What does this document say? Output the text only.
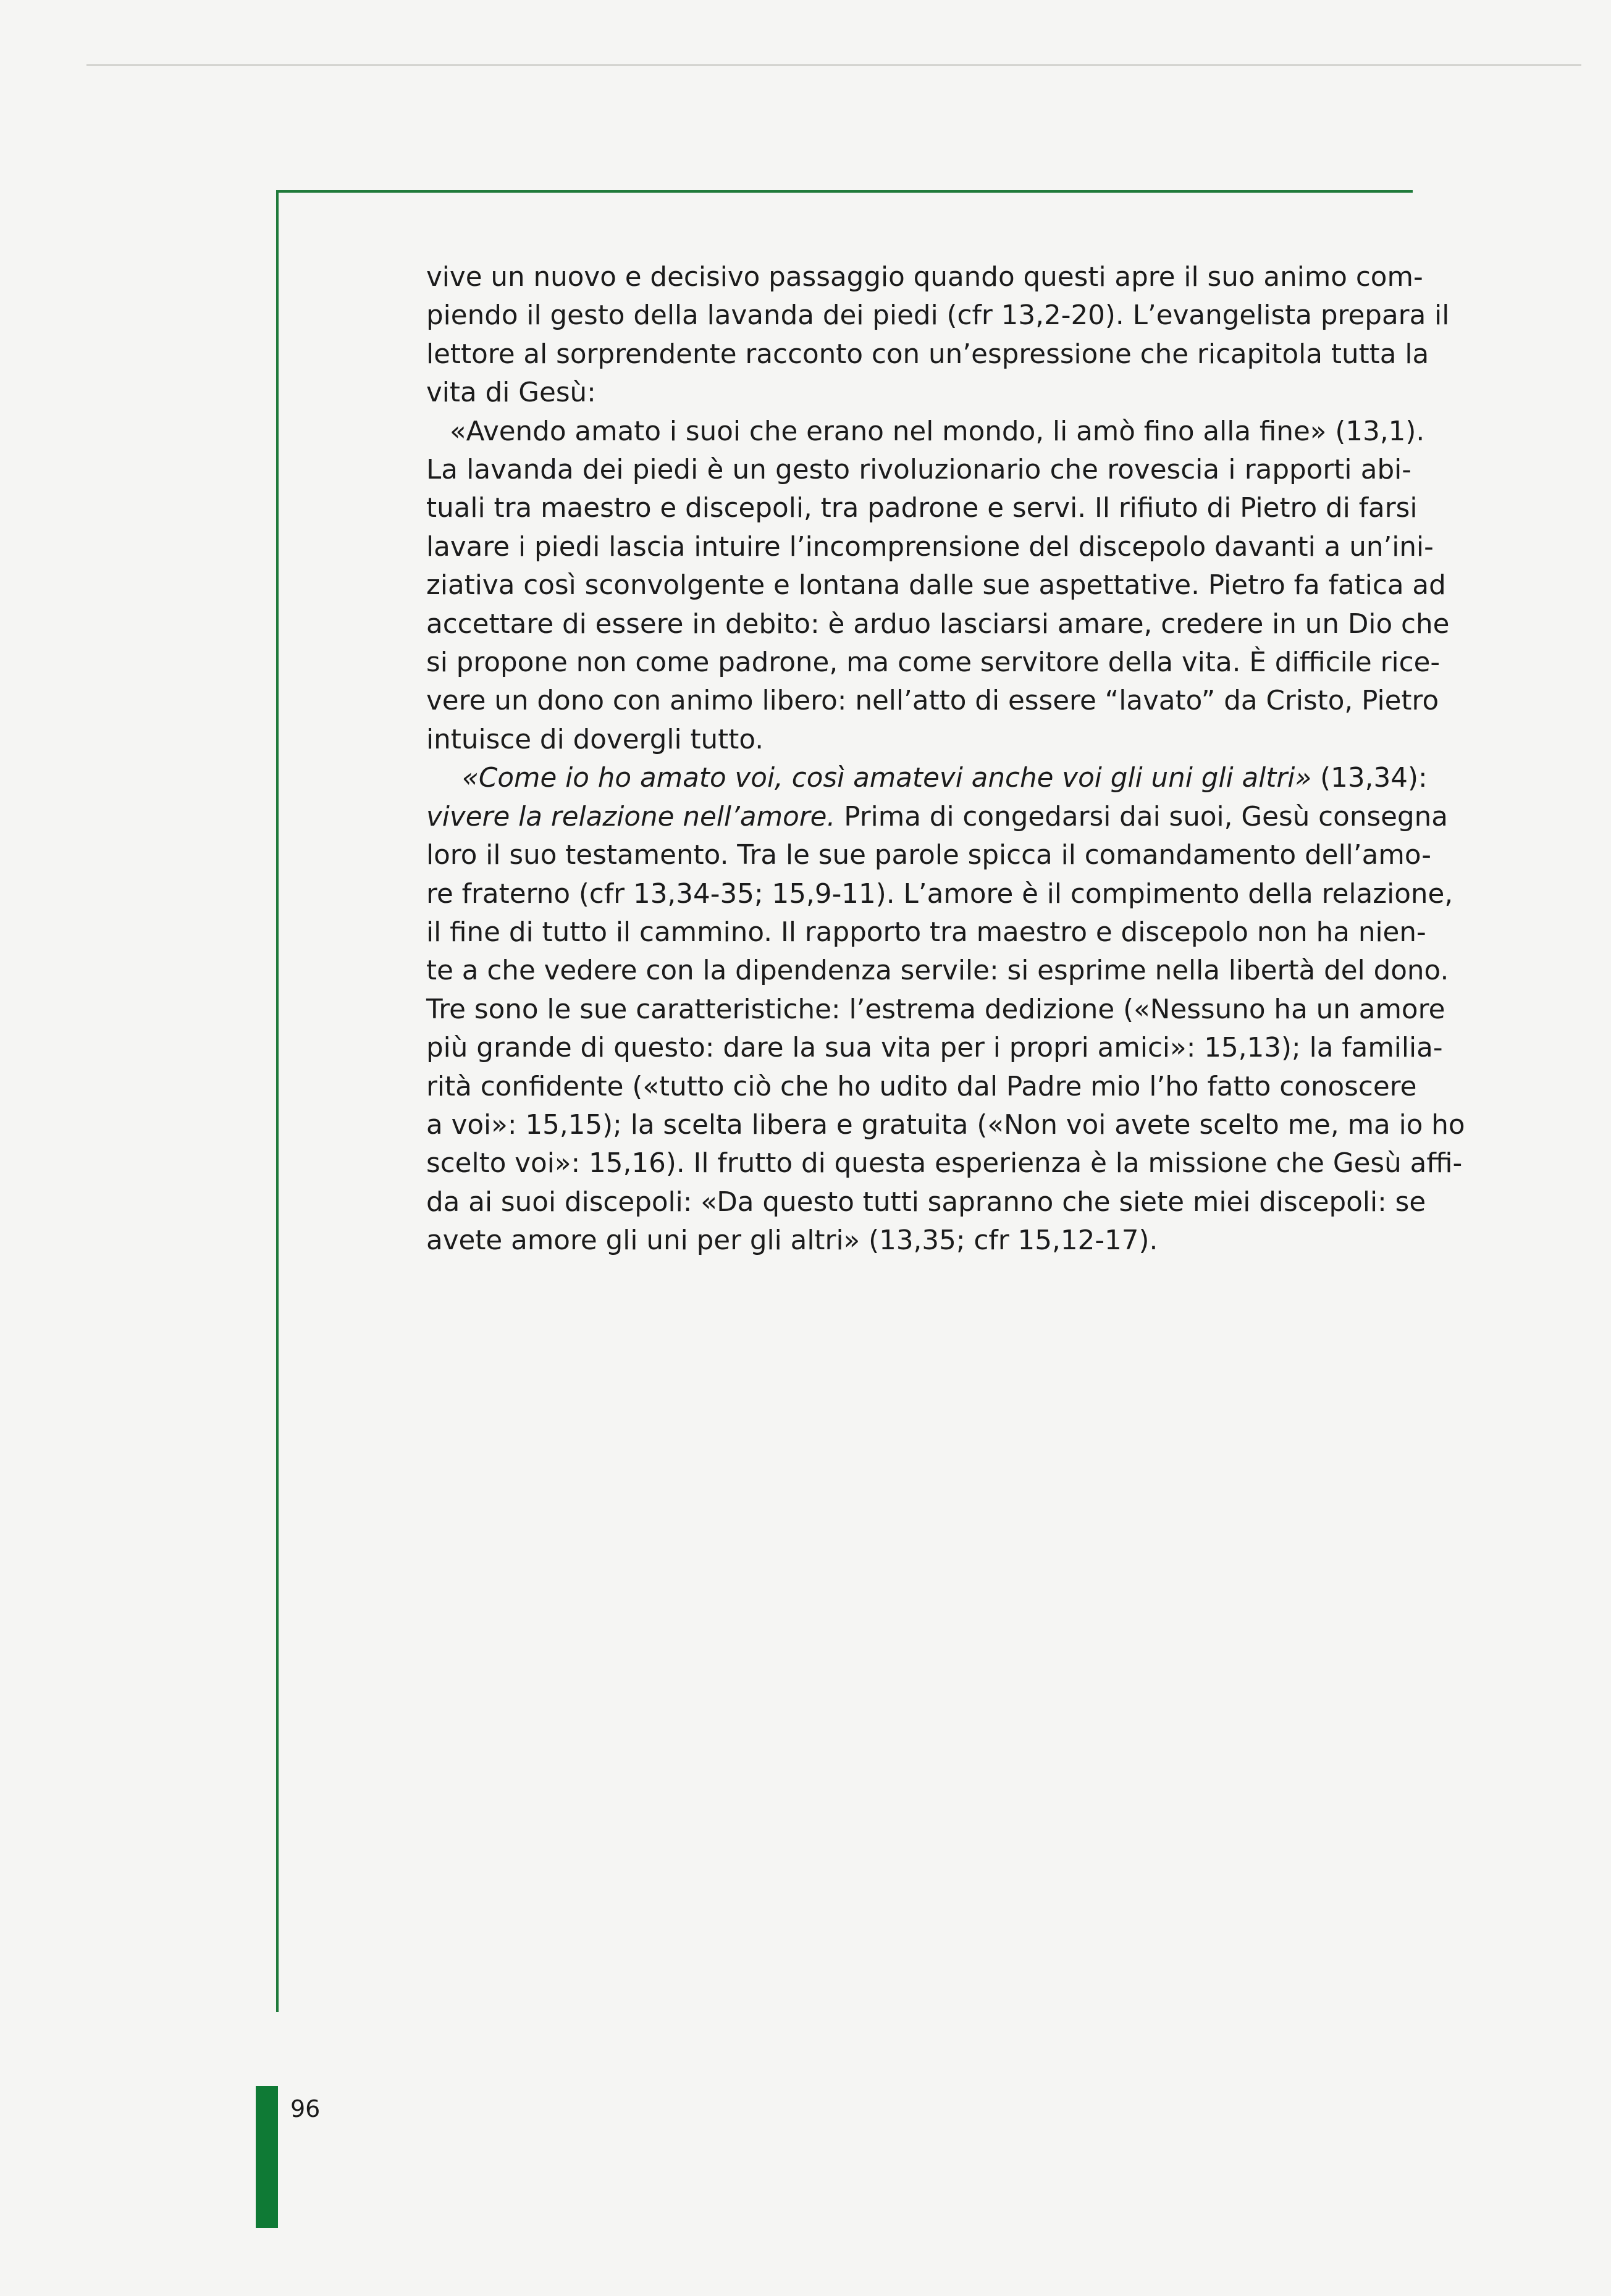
96
vive un nuovo e decisivo passaggio quando questi apre il suo animo com-
piendo il gesto della lavanda dei piedi (cfr 13,2-20). L’evangelista prepara il
lettore al sorprendente racconto con un’espressione che ricapitola tutta la
vita di Gesù:
«Avendo amato i suoi che erano nel mondo, li amò fino alla fine» (13,1).
La lavanda dei piedi è un gesto rivoluzionario che rovescia i rapporti abi-
tuali tra maestro e discepoli, tra padrone e servi. Il rifiuto di Pietro di farsi
lavare i piedi lascia intuire l’incomprensione del discepolo davanti a un’ini-
ziativa così sconvolgente e lontana dalle sue aspettative. Pietro fa fatica ad
accettare di essere in debito: è arduo lasciarsi amare, credere in un Dio che
si propone non come padrone, ma come servitore della vita. È difficile rice-
vere un dono con animo libero: nell’atto di essere “lavato” da Cristo, Pietro
intuisce di dovergli tutto.
«Come io ho amato voi, così amatevi anche voi gli uni gli altri» (13,34):
vivere la relazione nell’amore. Prima di congedarsi dai suoi, Gesù consegna
loro il suo testamento. Tra le sue parole spicca il comandamento dell’amo-
re fraterno (cfr 13,34-35; 15,9-11). L’amore è il compimento della relazione,
il fine di tutto il cammino. Il rapporto tra maestro e discepolo non ha nien-
te a che vedere con la dipendenza servile: si esprime nella libertà del dono.
Tre sono le sue caratteristiche: l’estrema dedizione («Nessuno ha un amore
più grande di questo: dare la sua vita per i propri amici»: 15,13); la familia-
rità confidente («tutto ciò che ho udito dal Padre mio l’ho fatto conoscere
a voi»: 15,15); la scelta libera e gratuita («Non voi avete scelto me, ma io ho
scelto voi»: 15,16). Il frutto di questa esperienza è la missione che Gesù affi-
da ai suoi discepoli: «Da questo tutti sapranno che siete miei discepoli: se
avete amore gli uni per gli altri» (13,35; cfr 15,12-17).
